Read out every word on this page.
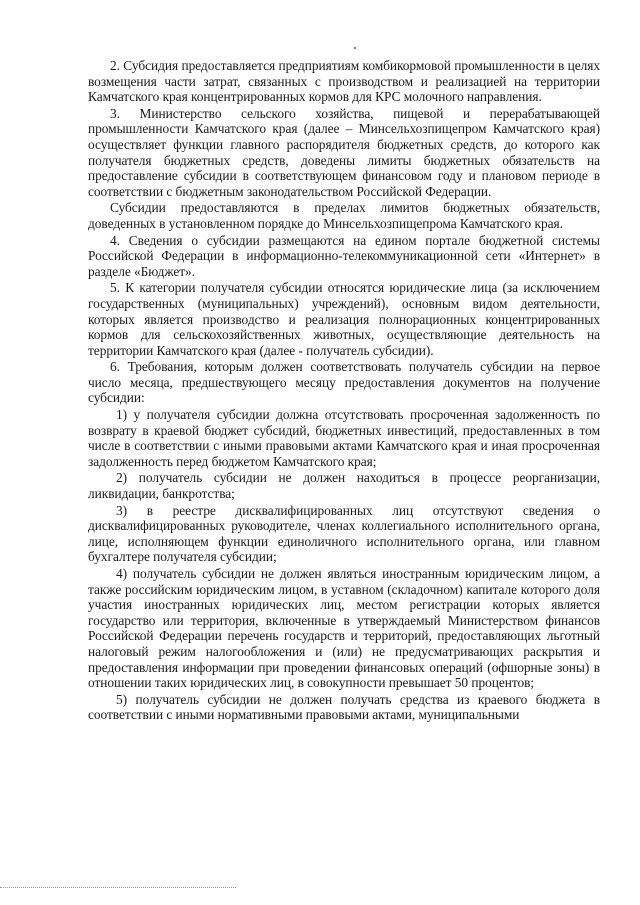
2. Субсидия предоставляется предприятиям комбикормовой промышленности в целях возмещения части затрат, связанных с производством и реализацией на территории Камчатского края концентрированных кормов для КРС молочного направления.

3. Министерство сельского хозяйства, пищевой и перерабатывающей промышленности Камчатского края (далее – Минсельхозпищепром Камчатского края) осуществляет функции главного распорядителя бюджетных средств, до которого как получателя бюджетных средств, доведены лимиты бюджетных обязательств на предоставление субсидии в соответствующем финансовом году и плановом периоде в соответствии с бюджетным законодательством Российской Федерации.

Субсидии предоставляются в пределах лимитов бюджетных обязательств, доведенных в установленном порядке до Минсельхозпищепрома Камчатского края.

4. Сведения о субсидии размещаются на едином портале бюджетной системы Российской Федерации в информационно-телекоммуникационной сети «Интернет» в разделе «Бюджет».

5. К категории получателя субсидии относятся юридические лица (за исключением государственных (муниципальных) учреждений), основным видом деятельности, которых является производство и реализация полнорационных концентрированных кормов для сельскохозяйственных животных, осуществляющие деятельность на территории Камчатского края (далее - получатель субсидии).

6. Требования, которым должен соответствовать получатель субсидии на первое число месяца, предшествующего месяцу предоставления документов на получение субсидии:

1) у получателя субсидии должна отсутствовать просроченная задолженность по возврату в краевой бюджет субсидий, бюджетных инвестиций, предоставленных в том числе в соответствии с иными правовыми актами Камчатского края и иная просроченная задолженность перед бюджетом Камчатского края;

2) получатель субсидии не должен находиться в процессе реорганизации, ликвидации, банкротства;

3) в реестре дисквалифицированных лиц отсутствуют сведения о дисквалифицированных руководителе, членах коллегиального исполнительного органа, лице, исполняющем функции единоличного исполнительного органа, или главном бухгалтере получателя субсидии;

4) получатель субсидии не должен являться иностранным юридическим лицом, а также российским юридическим лицом, в уставном (складочном) капитале которого доля участия иностранных юридических лиц, местом регистрации которых является государство или территория, включенные в утверждаемый Министерством финансов Российской Федерации перечень государств и территорий, предоставляющих льготный налоговый режим налогообложения и (или) не предусматривающих раскрытия и предоставления информации при проведении финансовых операций (офшорные зоны) в отношении таких юридических лиц, в совокупности превышает 50 процентов;

5) получатель субсидии не должен получать средства из краевого бюджета в соответствии с иными нормативными правовыми актами, муниципальными
